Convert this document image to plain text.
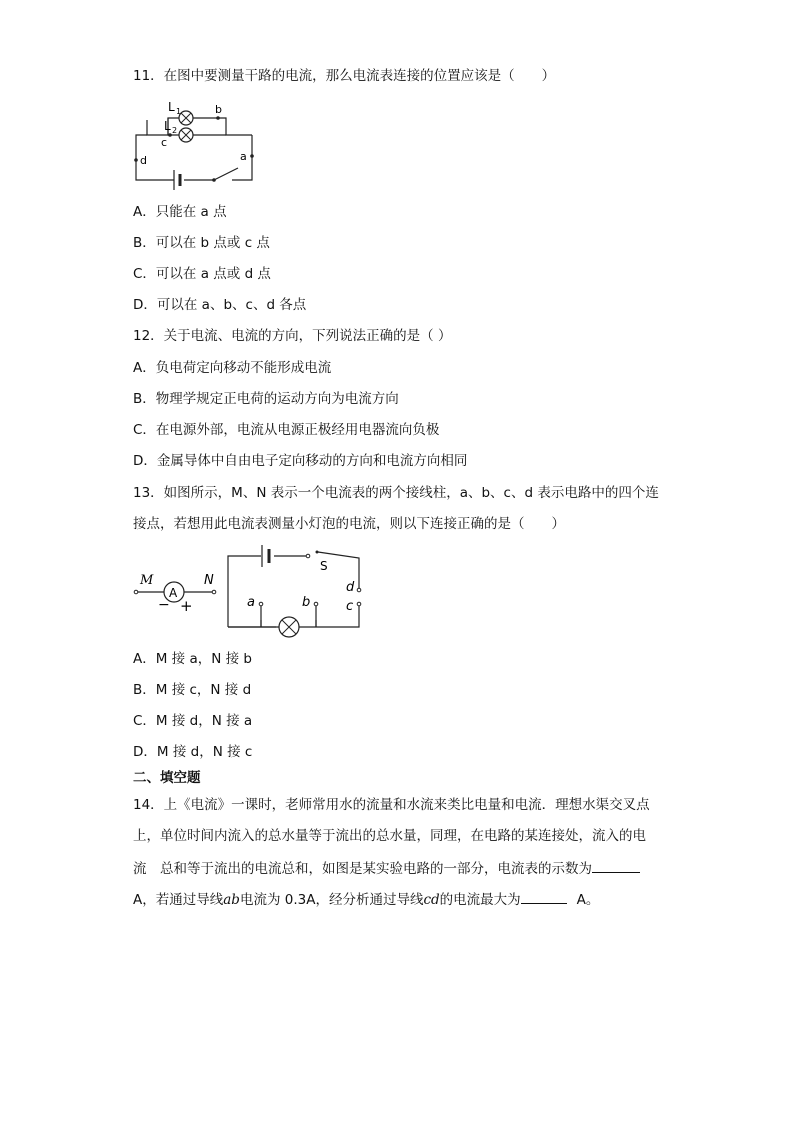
11．在图中要测量干路的电流，那么电流表连接的位置应该是（　　）
L 1
L 2
b
c
d	a
A．只能在 a 点
B．可以在 b 点或 c 点
C．可以在 a 点或 d 点
D．可以在 a、b、c、d 各点
12．关于电流、电流的方向，下列说法正确的是（ ）
A．负电荷定向移动不能形成电流
B．物理学规定正电荷的运动方向为电流方向
C．在电源外部，电流从电源正极经用电器流向负极
D．金属导体中自由电子定向移动的方向和电流方向相同
13．如图所示，M、N 表示一个电流表的两个接线柱，a、b、c、d 表示电路中的四个连
接点，若想用此电流表测量小灯泡的电流，则以下连接正确的是（　　）
A
M	N
− +
S
a	b	c
d
A．M 接 a，N 接 b
B．M 接 c，N 接 d
C．M 接 d，N 接 a
D．M 接 d，N 接 c
二、填空题
14．上《电流》一课时，老师常用水的流量和水流来类比电量和电流．理想水渠交叉点
上，单位时间内流入的总水量等于流出的总水量，同理，在电路的某连接处，流入的电
流　总和等于流出的电流总和，如图是某实验电路的一部分，电流表的示数为
A，若通过导线ab电流为 0.3A，经分析通过导线cd的电流最大为	A。
